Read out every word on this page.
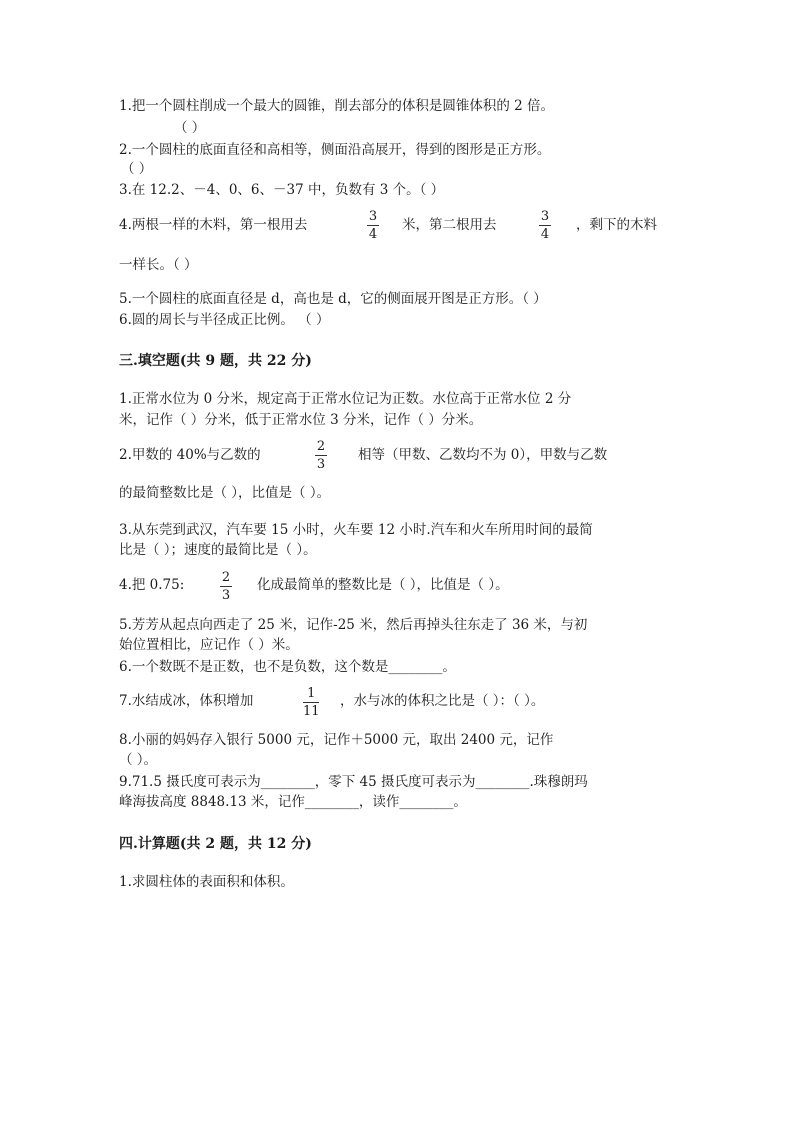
1.把一个圆柱削成一个最大的圆锥，削去部分的体积是圆锥体积的 2 倍。
（ ）
2.一个圆柱的底面直径和高相等，侧面沿高展开，得到的图形是正方形。
（ ）
3.在 12.2、－4、0、6、－37 中，负数有 3 个。（ ）
4.两根一样的木料，第一根用去
3
4
米，第二根用去
3
4
，剩下的木料
一样长。（ ）
5.一个圆柱的底面直径是 d，高也是 d，它的侧面展开图是正方形。（ ）
6.圆的周长与半径成正比例。 （ ）
三.填空题(共 9 题，共 22 分)
1.正常水位为 0 分米，规定高于正常水位记为正数。水位高于正常水位 2 分
米，记作（ ）分米，低于正常水位 3 分米，记作（ ）分米。
2.甲数的 40%与乙数的
2
3
相等（甲数、乙数均不为 0），甲数与乙数
的最简整数比是（ ），比值是（ ）。
3.从东莞到武汉，汽车要 15 小时，火车要 12 小时.汽车和火车所用时间的最简
比是（ ）；速度的最简比是（ ）。
4.把 0.75:	2
3
化成最简单的整数比是（ ），比值是（ ）。
5.芳芳从起点向西走了 25 米，记作-25 米，然后再掉头往东走了 36 米，与初
始位置相比，应记作（ ）米。
6.一个数既不是正数，也不是负数，这个数是________。
7.水结成冰，体积增加	1
11
，水与冰的体积之比是（ ）：（ ）。
8.小丽的妈妈存入银行 5000 元，记作＋5000 元，取出 2400 元，记作
（ ）。
9.71.5 摄氏度可表示为________，零下 45 摄氏度可表示为________.珠穆朗玛
峰海拔高度 8848.13 米，记作________，读作________。
四.计算题(共 2 题，共 12 分)
1.求圆柱体的表面积和体积。
